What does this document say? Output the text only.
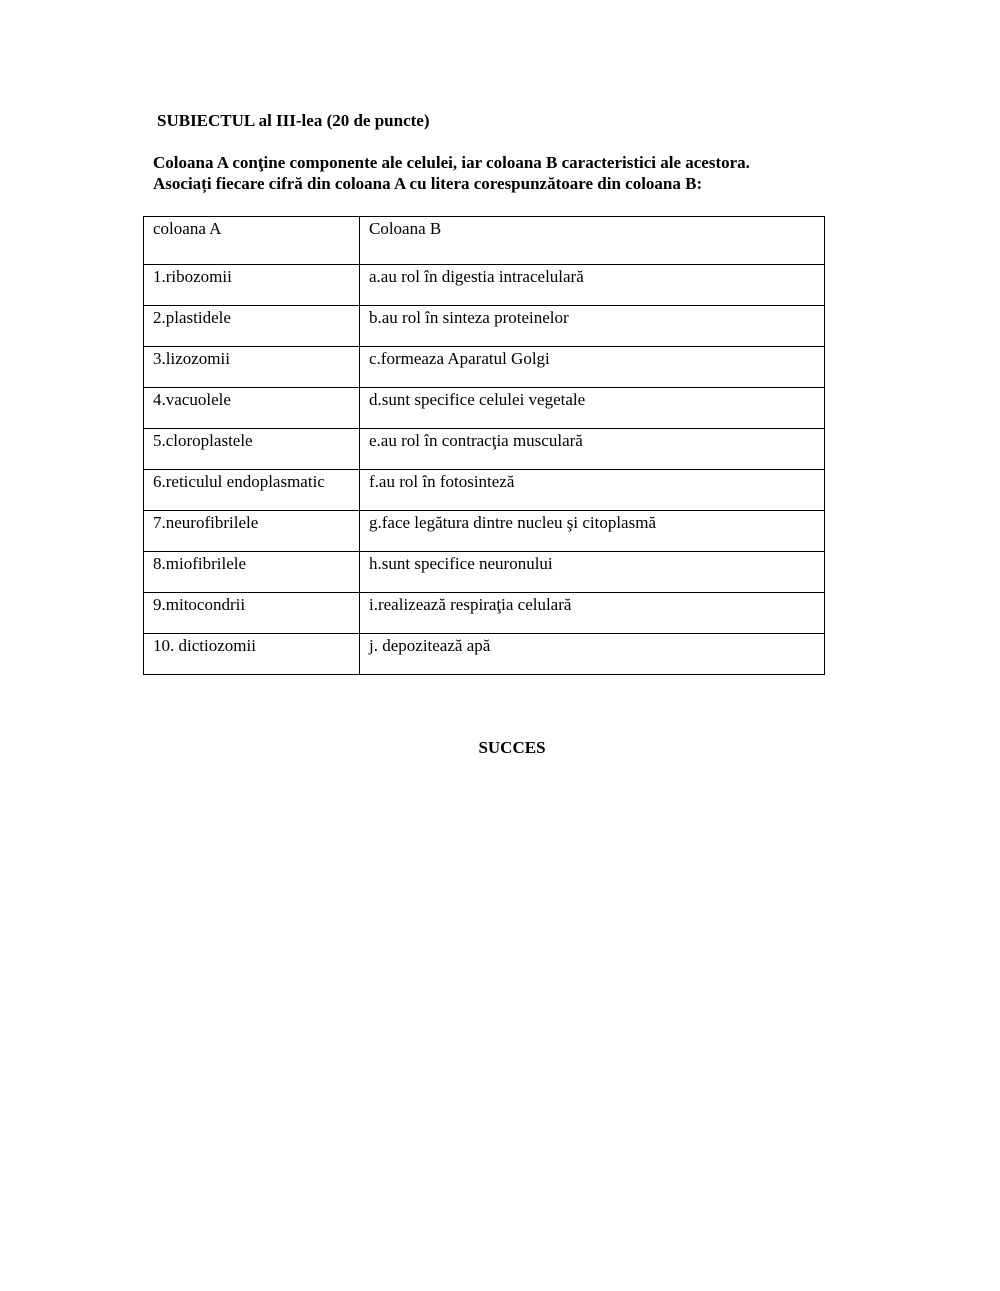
SUBIECTUL al III-lea (20 de puncte)

Coloana A conţine componente ale celulei, iar coloana B caracteristici ale acestora.
Asociați fiecare cifră din coloana A cu litera corespunzătoare din coloana B:

coloana A	Coloana B
1.ribozomii	a.au rol în digestia intracelulară
2.plastidele	b.au rol în sinteza proteinelor
3.lizozomii	c.formeaza Aparatul Golgi
4.vacuolele	d.sunt specifice celulei vegetale
5.cloroplastele	e.au rol în contracţia musculară
6.reticulul endoplasmatic	f.au rol în fotosinteză
7.neurofibrilele	g.face legătura dintre nucleu şi citoplasmă
8.miofibrilele	h.sunt specifice neuronului
9.mitocondrii	i.realizează respiraţia celulară
10. dictiozomii	j. depozitează apă

SUCCES
